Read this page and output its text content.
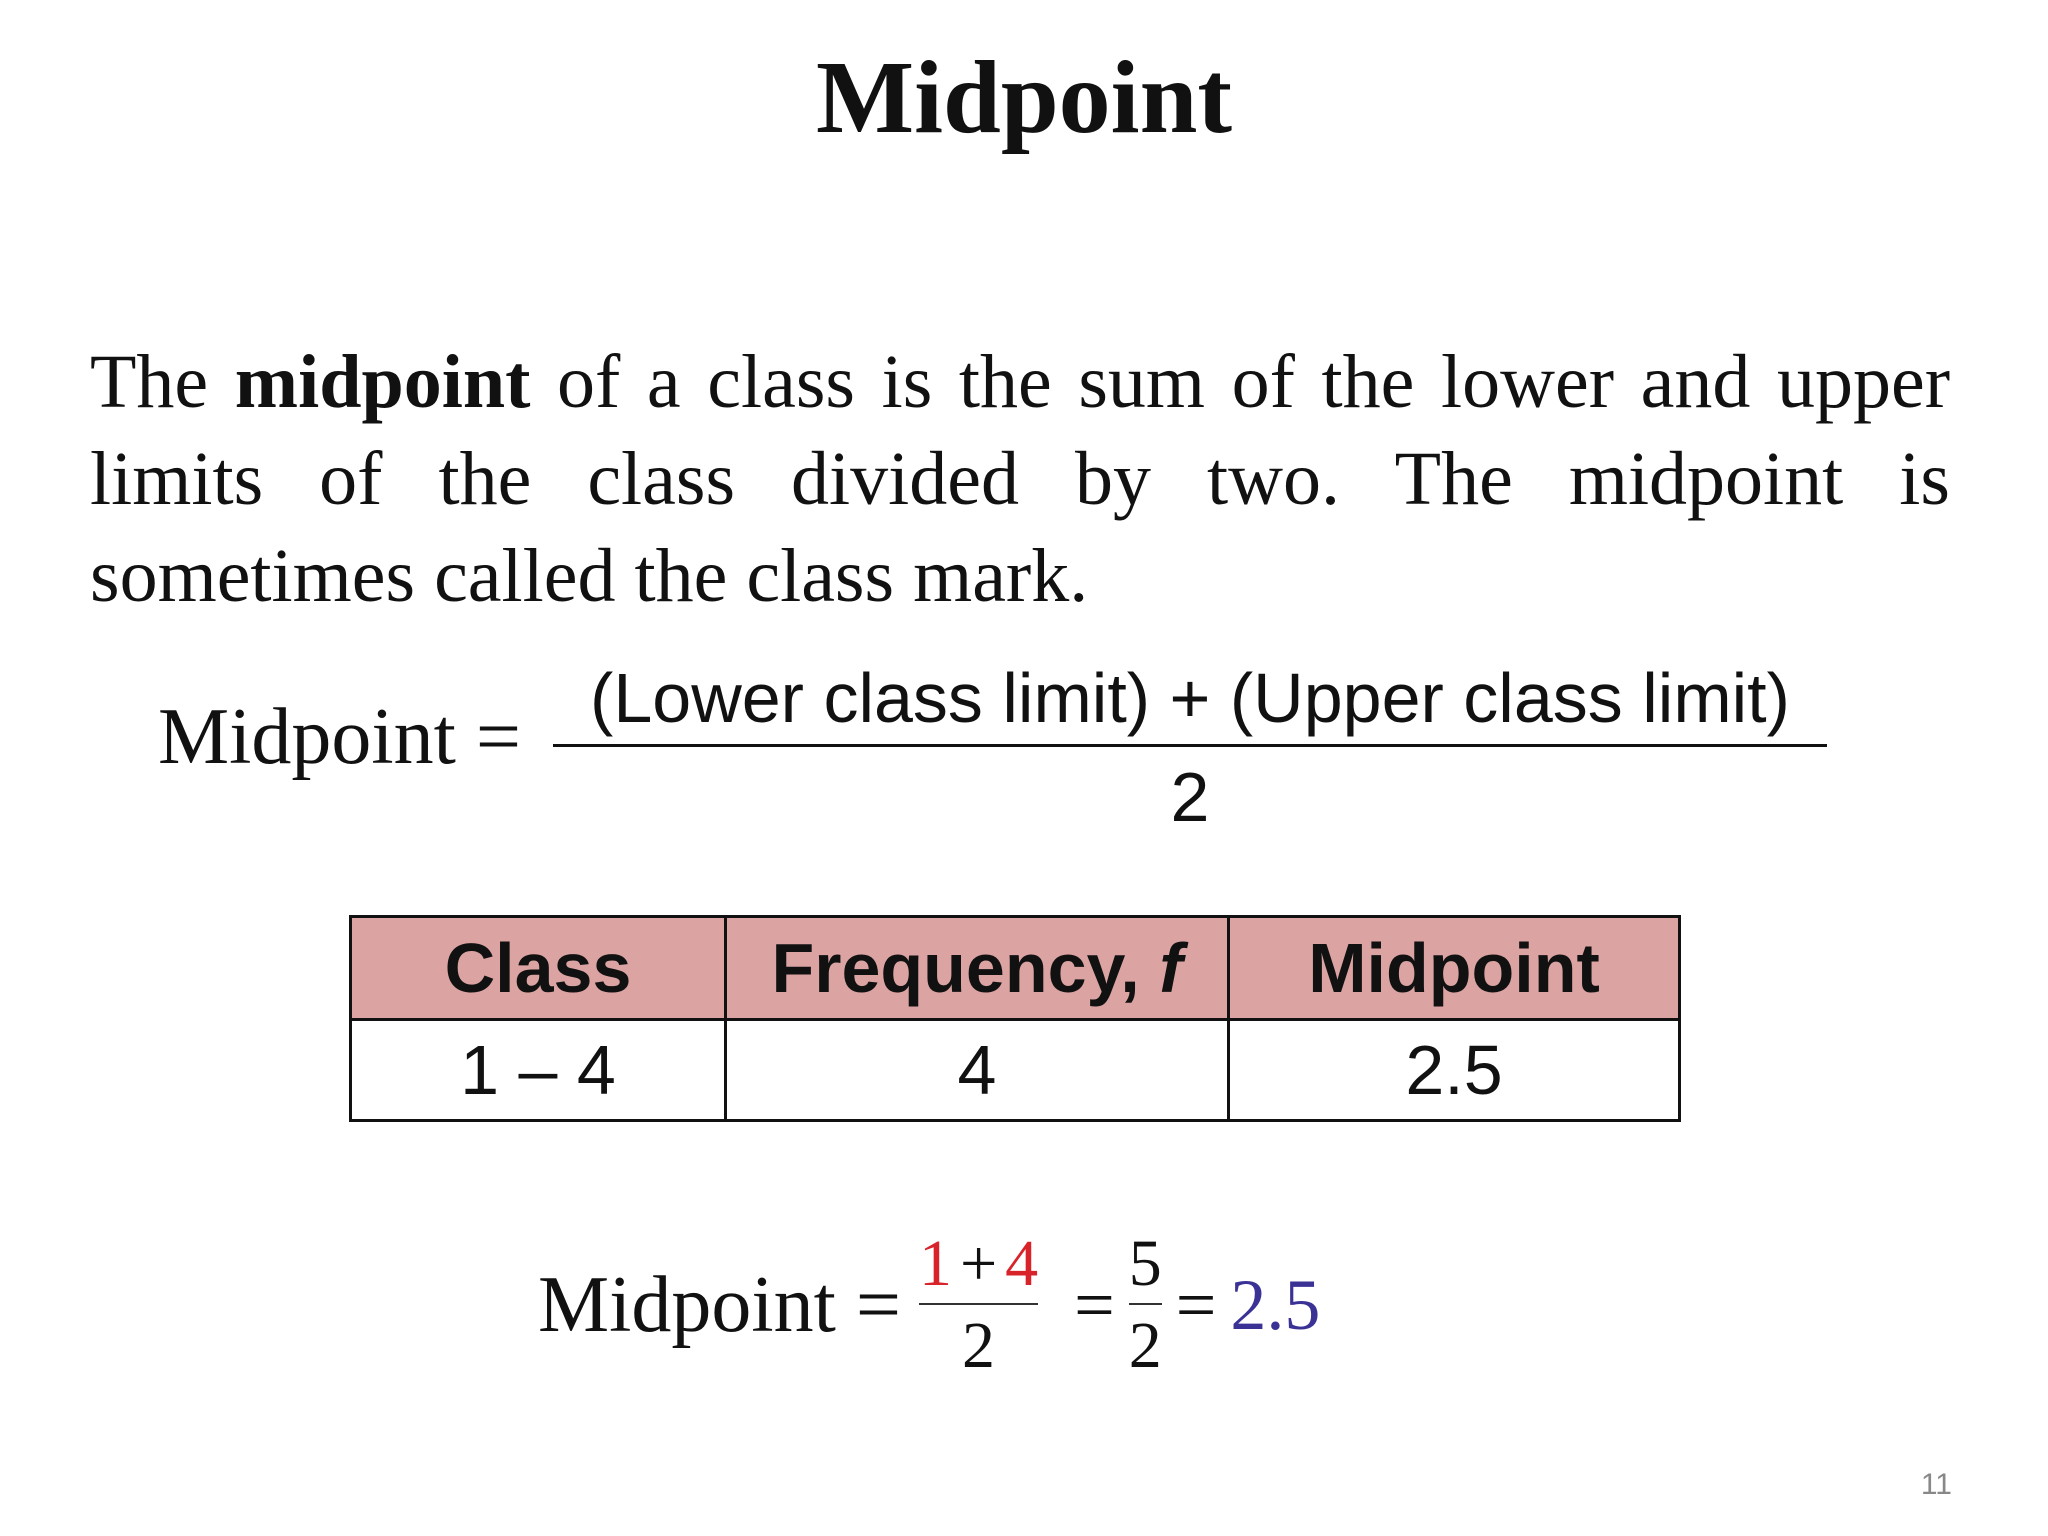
Midpoint
The midpoint of a class is the sum of the lower and upper limits of the class divided by two. The midpoint is sometimes called the class mark.
Midpoint = (Lower class limit) + (Upper class limit)
2
Class	Frequency, f	Midpoint
1 – 4	4	2.5
Midpoint = $\frac{1 + 4}{2} = \frac{5}{2} = 2.5$
11
